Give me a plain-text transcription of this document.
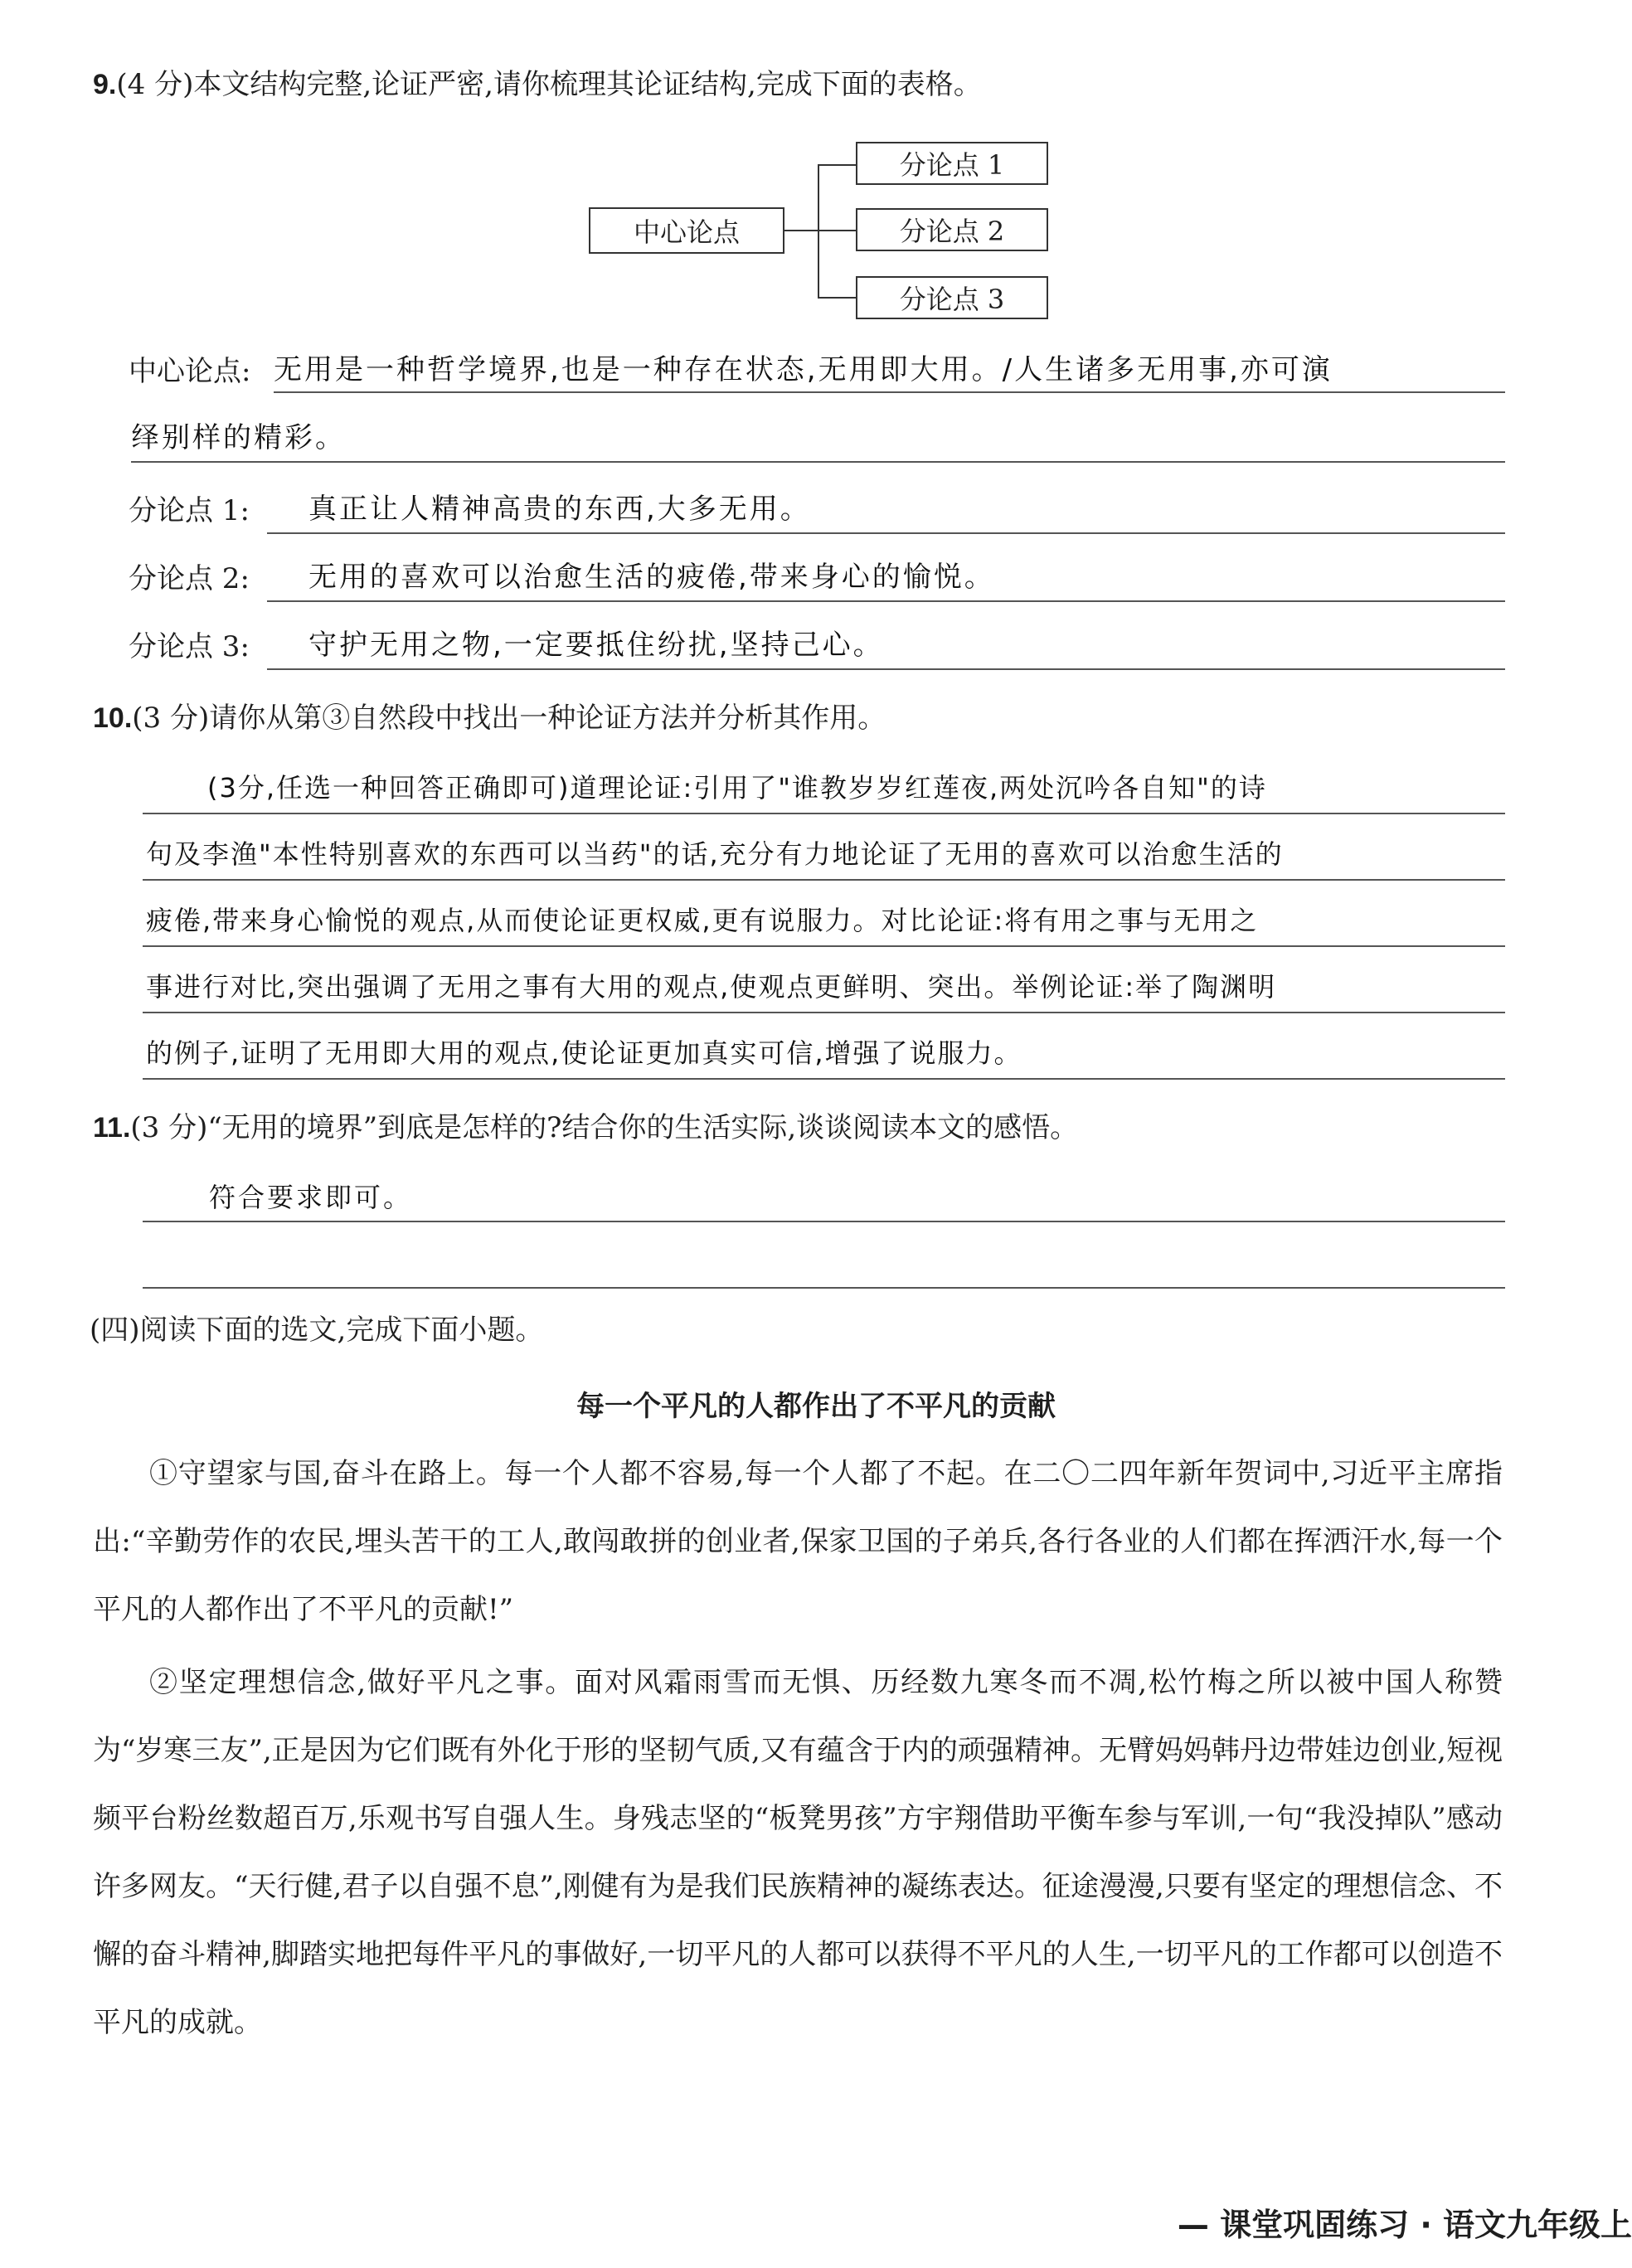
9.(4 分)本文结构完整,论证严密,请你梳理其论证结构,完成下面的表格。
中心论点
分论点 1
分论点 2
分论点 3
中心论点: 无用是一种哲学境界,也是一种存在状态,无用即大用。/人生诸多无用事,亦可演
绎别样的精彩。
分论点 1: 真正让人精神高贵的东西,大多无用。
分论点 2: 无用的喜欢可以治愈生活的疲倦,带来身心的愉悦。
分论点 3: 守护无用之物,一定要抵住纷扰,坚持己心。
10.(3 分)请你从第③自然段中找出一种论证方法并分析其作用。
(3分,任选一种回答正确即可)道理论证:引用了"谁教岁岁红莲夜,两处沉吟各自知"的诗
句及李渔"本性特别喜欢的东西可以当药"的话,充分有力地论证了无用的喜欢可以治愈生活的
疲倦,带来身心愉悦的观点,从而使论证更权威,更有说服力。对比论证:将有用之事与无用之
事进行对比,突出强调了无用之事有大用的观点,使观点更鲜明、突出。举例论证:举了陶渊明
的例子,证明了无用即大用的观点,使论证更加真实可信,增强了说服力。
11.(3 分)“无用的境界”到底是怎样的?结合你的生活实际,谈谈阅读本文的感悟。
符合要求即可。
(四)阅读下面的选文,完成下面小题。
每一个平凡的人都作出了不平凡的贡献
①守望家与国,奋斗在路上。每一个人都不容易,每一个人都了不起。在二〇二四年新年贺词中,习近平主席指出:“辛勤劳作的农民,埋头苦干的工人,敢闯敢拼的创业者,保家卫国的子弟兵,各行各业的人们都在挥洒汗水,每一个平凡的人都作出了不平凡的贡献!”
②坚定理想信念,做好平凡之事。面对风霜雨雪而无惧、历经数九寒冬而不凋,松竹梅之所以被中国人称赞为“岁寒三友”,正是因为它们既有外化于形的坚韧气质,又有蕴含于内的顽强精神。无臂妈妈韩丹边带娃边创业,短视频平台粉丝数超百万,乐观书写自强人生。身残志坚的“板凳男孩”方宇翔借助平衡车参与军训,一句“我没掉队”感动许多网友。“天行健,君子以自强不息”,刚健有为是我们民族精神的凝练表达。征途漫漫,只要有坚定的理想信念、不懈的奋斗精神,脚踏实地把每件平凡的事做好,一切平凡的人都可以获得不平凡的人生,一切平凡的工作都可以创造不平凡的成就。
— 课堂巩固练习 · 语文九年级上
